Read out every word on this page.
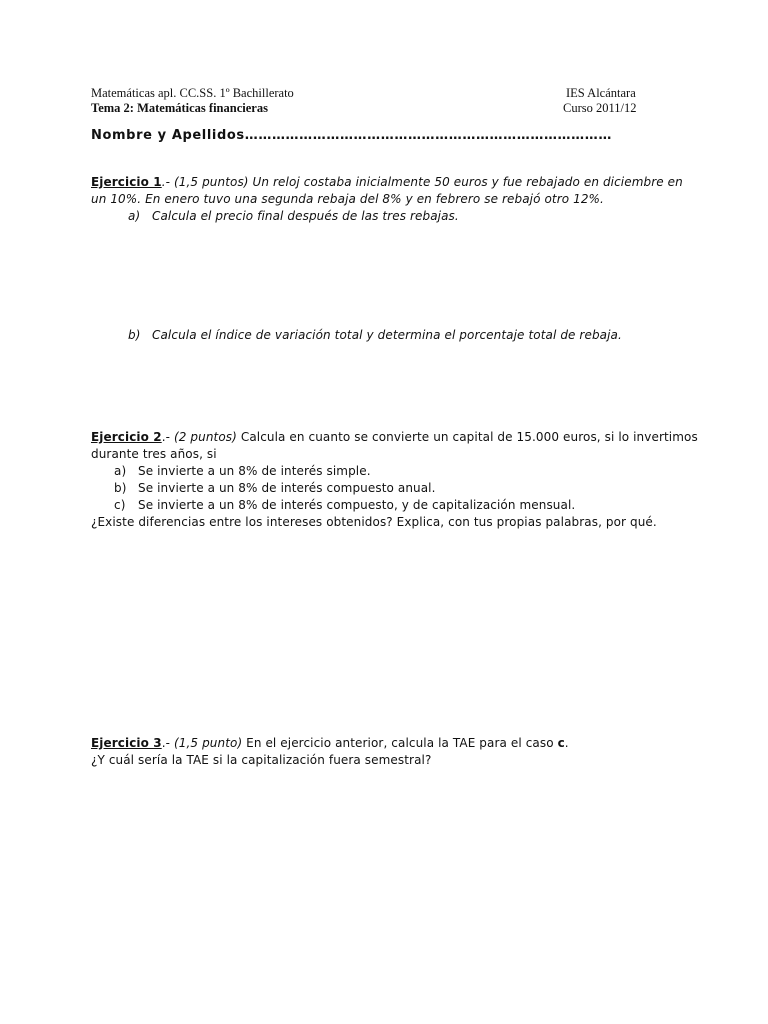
Matemáticas apl. CC.SS. 1º Bachillerato	IES Alcántara
Tema 2: Matemáticas financieras	Curso 2011/12
Nombre y Apellidos………………………………………………………………………
Ejercicio 1.- (1,5 puntos) Un reloj costaba inicialmente 50 euros y fue rebajado en diciembre en
un 10%. En enero tuvo una segunda rebaja del 8% y en febrero se rebajó otro 12%.
a) Calcula el precio final después de las tres rebajas.
b) Calcula el índice de variación total y determina el porcentaje total de rebaja.
Ejercicio 2.- (2 puntos) Calcula en cuanto se convierte un capital de 15.000 euros, si lo invertimos
durante tres años, si
a) Se invierte a un 8% de interés simple.
b) Se invierte a un 8% de interés compuesto anual.
c) Se invierte a un 8% de interés compuesto, y de capitalización mensual.
¿Existe diferencias entre los intereses obtenidos? Explica, con tus propias palabras, por qué.
Ejercicio 3.- (1,5 punto) En el ejercicio anterior, calcula la TAE para el caso c.
¿Y cuál sería la TAE si la capitalización fuera semestral?
